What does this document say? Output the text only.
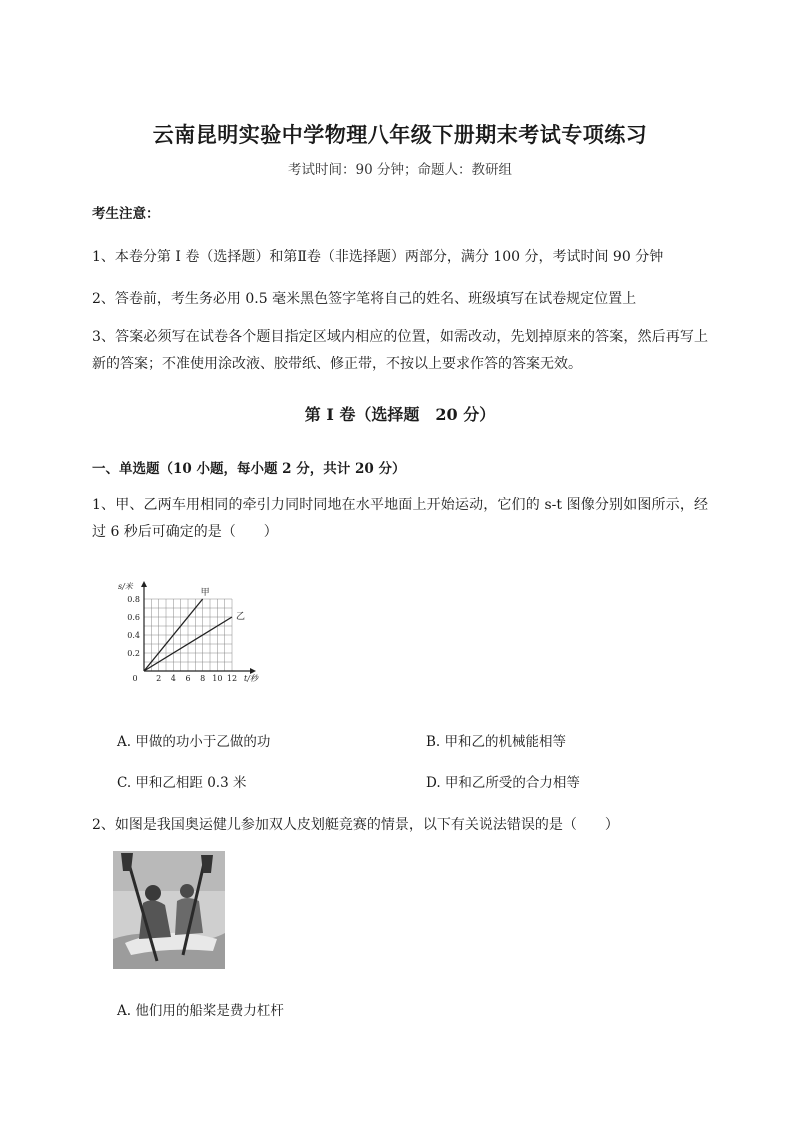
云南昆明实验中学物理八年级下册期末考试专项练习
考试时间：90 分钟；命题人：教研组
考生注意：
1、本卷分第 I 卷（选择题）和第Ⅱ卷（非选择题）两部分，满分 100 分，考试时间 90 分钟
2、答卷前，考生务必用 0.5 毫米黑色签字笔将自己的姓名、班级填写在试卷规定位置上
3、答案必须写在试卷各个题目指定区域内相应的位置，如需改动，先划掉原来的答案，然后再写上新的答案；不准使用涂改液、胶带纸、修正带，不按以上要求作答的答案无效。
第 I 卷（选择题　20 分）
一、单选题（10 小题，每小题 2 分，共计 20 分）
1、甲、乙两车用相同的牵引力同时同地在水平地面上开始运动，它们的 s-t 图像分别如图所示，经过 6 秒后可确定的是（　　）
甲
乙
0 2 4 6 8 10 12
0.2
0.4
0.6
0.8
t/秒
s/米
A. 甲做的功小于乙做的功	B. 甲和乙的机械能相等
C. 甲和乙相距 0.3 米	D. 甲和乙所受的合力相等
2、如图是我国奥运健儿参加双人皮划艇竞赛的情景，以下有关说法错误的是（　　）
A. 他们用的船桨是费力杠杆
